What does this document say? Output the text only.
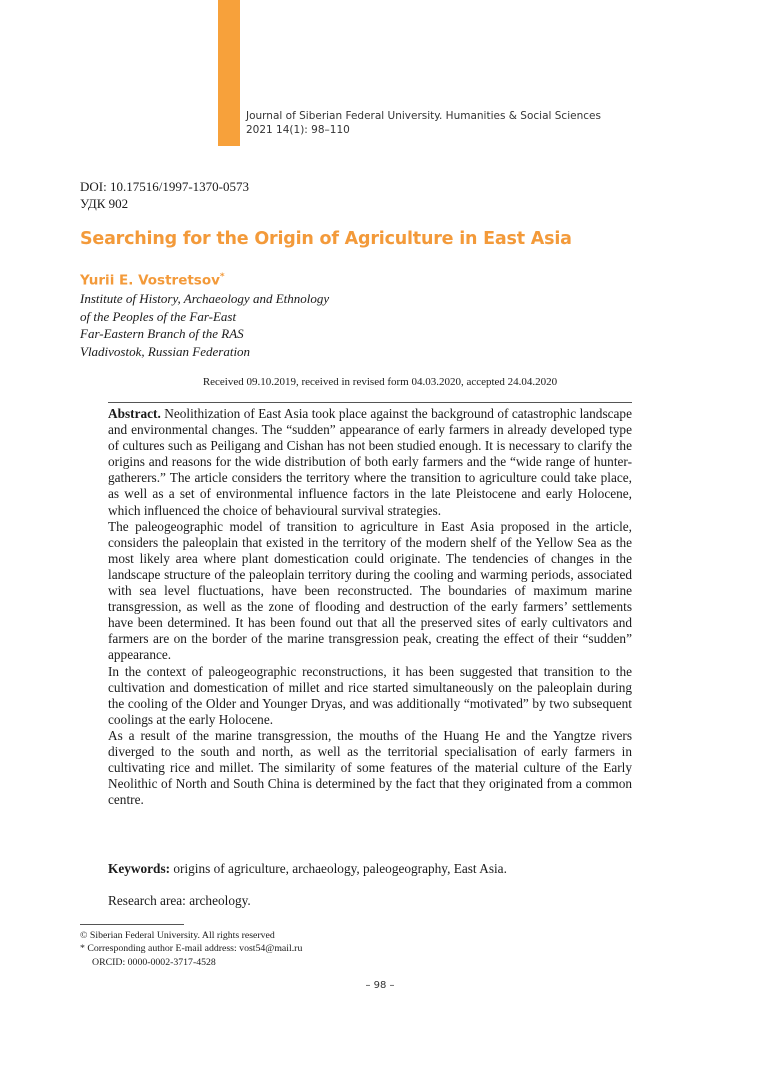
Journal of Siberian Federal University. Humanities & Social Sciences
2021 14(1): 98–110
DOI: 10.17516/1997-1370-0573
УДК 902
Searching for the Origin of Agriculture in East Asia
Yurii E. Vostretsov*
Institute of History, Archaeology and Ethnology
of the Peoples of the Far-East
Far-Eastern Branch of the RAS
Vladivostok, Russian Federation
Received 09.10.2019, received in revised form 04.03.2020, accepted 24.04.2020

Abstract. Neolithization of East Asia took place against the background of catastrophic landscape and environmental changes. The “sudden” appearance of early farmers in already developed type of cultures such as Peiligang and Cishan has not been studied enough. It is necessary to clarify the origins and reasons for the wide distribution of both early farmers and the “wide range of hunter-gatherers.” The article considers the territory where the transition to agriculture could take place, as well as a set of environmental influence factors in the late Pleistocene and early Holocene, which influenced the choice of behavioural survival strategies.

The paleogeographic model of transition to agriculture in East Asia proposed in the article, considers the paleoplain that existed in the territory of the modern shelf of the Yellow Sea as the most likely area where plant domestication could originate. The tendencies of changes in the landscape structure of the paleoplain territory during the cooling and warming periods, associated with sea level fluctuations, have been reconstructed. The boundaries of maximum marine transgression, as well as the zone of flooding and destruction of the early farmers’ settlements have been determined. It has been found out that all the preserved sites of early cultivators and farmers are on the border of the marine transgression peak, creating the effect of their “sudden” appearance.

In the context of paleogeographic reconstructions, it has been suggested that transition to the cultivation and domestication of millet and rice started simultaneously on the paleoplain during the cooling of the Older and Younger Dryas, and was additionally “motivated” by two subsequent coolings at the early Holocene.

As a result of the marine transgression, the mouths of the Huang He and the Yangtze rivers diverged to the south and north, as well as the territorial specialisation of early farmers in cultivating rice and millet. The similarity of some features of the material culture of the Early Neolithic of North and South China is determined by the fact that they originated from a common centre.

Keywords: origins of agriculture, archaeology, paleogeography, East Asia.
Research area: archeology.
© Siberian Federal University. All rights reserved
* Corresponding author E-mail address: vost54@mail.ru
ORCID: 0000-0002-3717-4528
– 98 –
